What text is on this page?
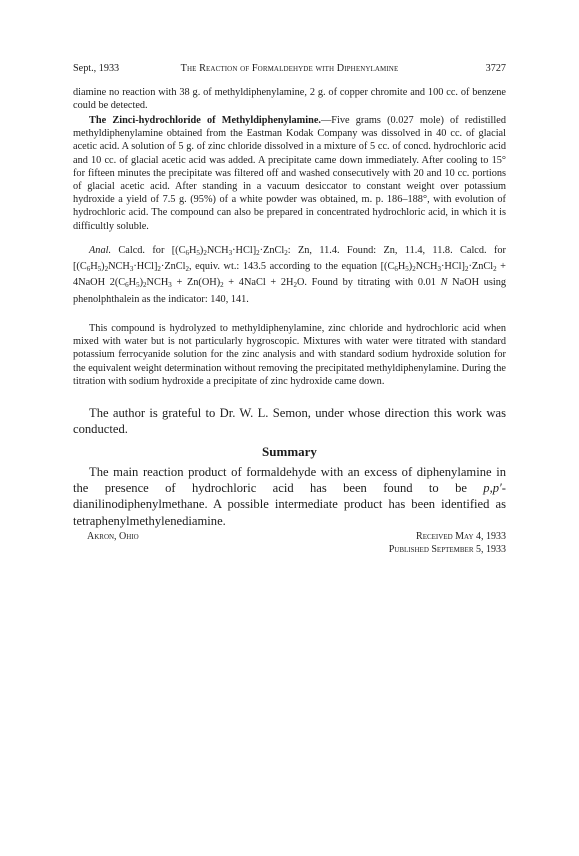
Sept., 1933	The Reaction of Formaldehyde with Diphenylamine	3727

diamine no reaction with 38 g. of methyldiphenylamine, 2 g. of copper chromite and 100 cc. of benzene could be detected.

The Zinci-hydrochloride of Methyldiphenylamine.—Five grams (0.027 mole) of redistilled methyldiphenylamine obtained from the Eastman Kodak Company was dissolved in 40 cc. of glacial acetic acid. A solution of 5 g. of zinc chloride dissolved in a mixture of 5 cc. of concd. hydrochloric acid and 10 cc. of glacial acetic acid was added. A precipitate came down immediately. After cooling to 15° for fifteen minutes the precipitate was filtered off and washed consecutively with 20 and 10 cc. portions of glacial acetic acid. After standing in a vacuum desiccator to constant weight over potassium hydroxide a yield of 7.5 g. (95%) of a white powder was obtained, m. p. 186–188°, with evolution of hydrochloric acid. The compound can also be prepared in concentrated hydrochloric acid, in which it is difficultly soluble.

Anal. Calcd. for $[(C_6H_5)_2NCH_3\cdot HCl]_2\cdot ZnCl_2$: Zn, 11.4. Found: Zn, 11.4, 11.8. Calcd. for $[(C_6H_5)_2NCH_3\cdot HCl]_2\cdot ZnCl_2$, equiv. wt.: 143.5 according to the equation $[(C_6H_5)_2NCH_3\cdot HCl]_2\cdot ZnCl_2$ + 4NaOH $2(C_6H_5)_2NCH_3 + Zn(OH)_2$ + 4NaCl + $2H_2O$. Found by titrating with 0.01 N NaOH using phenolphthalein as the indicator: 140, 141.

This compound is hydrolyzed to methyldiphenylamine, zinc chloride and hydrochloric acid when mixed with water but is not particularly hygroscopic. Mixtures with water were titrated with standard potassium ferrocyanide solution for the zinc analysis and with standard sodium hydroxide solution for the equivalent weight determination without removing the precipitated methyldiphenylamine. During the titration with sodium hydroxide a precipitate of zinc hydroxide came down.

The author is grateful to Dr. W. L. Semon, under whose direction this work was conducted.

Summary

The main reaction product of formaldehyde with an excess of diphenylamine in the presence of hydrochloric acid has been found to be p,p′-dianilinodiphenylmethane. A possible intermediate product has been identified as tetraphenylmethylenediamine.

Akron, Ohio	Received May 4, 1933
Published September 5, 1933
